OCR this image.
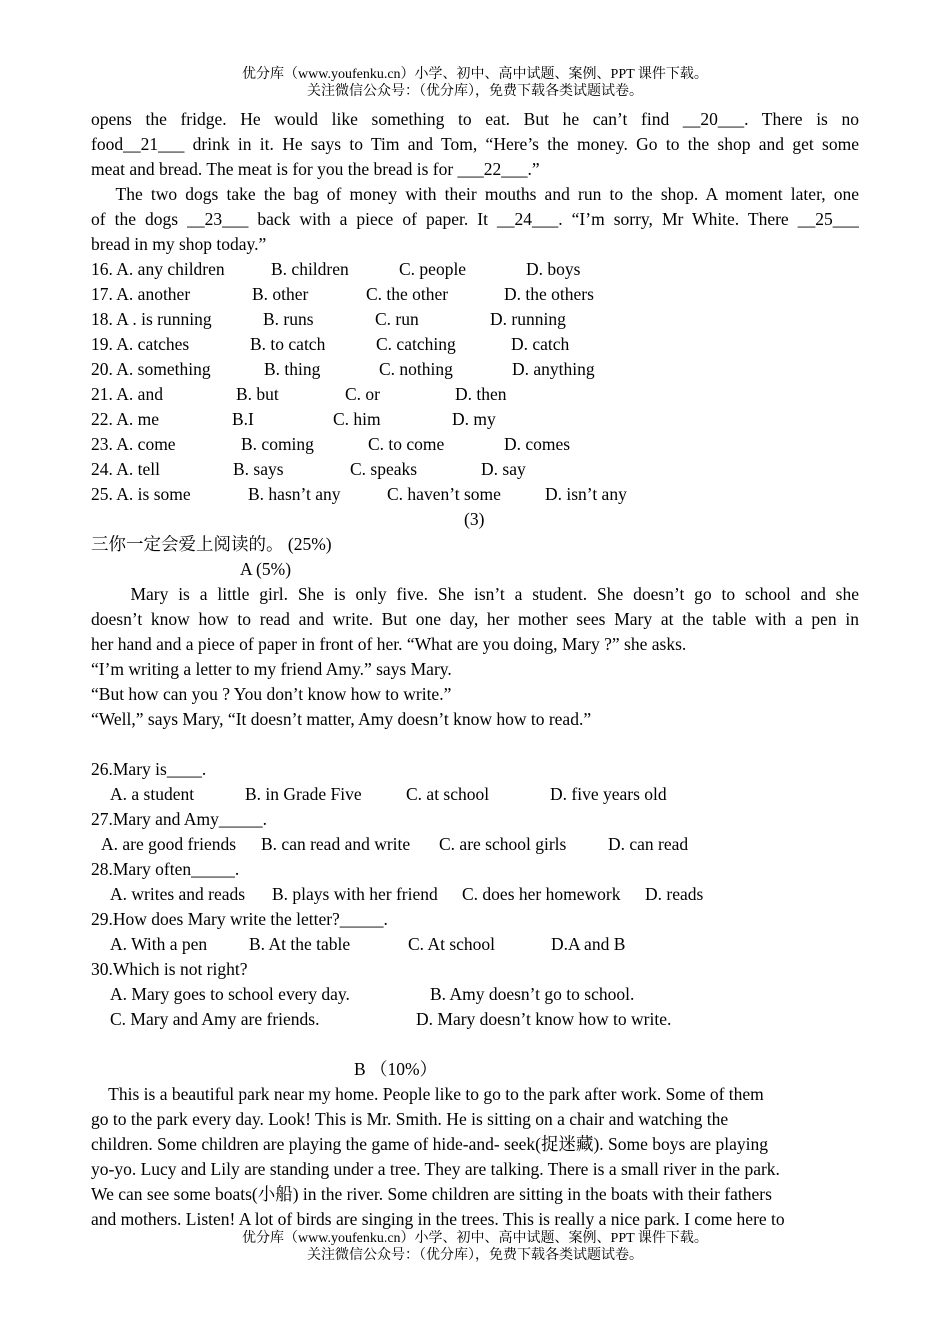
优分库（www.youfenku.cn）小学、初中、高中试题、案例、PPT 课件下载。
关注微信公众号：（优分库），免费下载各类试题试卷。
opens the fridge. He would like something to eat. But he can’t find __20___. There is no
food__21___ drink in it. He says to Tim and Tom, “Here’s the money. Go to the shop and get some
meat and bread. The meat is for you the bread is for ___22___.”
The two dogs take the bag of money with their mouths and run to the shop. A moment later, one
of the dogs __23___ back with a piece of paper. It __24___. “I’m sorry, Mr White. There __25___
bread in my shop today.”
16. A. any children	B. children	C. people	D. boys
17. A. another	B. other	C. the other	D. the others
18. A . is running	B. runs	C. run	D. running
19. A. catches	B. to catch	C. catching	D. catch
20. A. something	B. thing	C. nothing	D. anything
21. A. and	B. but	C. or	D. then
22. A. me	B.I	C. him	D. my
23. A. come	B. coming	C. to come	D. comes
24. A. tell	B. says	C. speaks	D. say
25. A. is some	B. hasn’t any	C. haven’t some	D. isn’t any
(3)
三你一定会爱上阅读的。 (25%)
A (5%)
Mary is a little girl. She is only five. She isn’t a student. She doesn’t go to school and she
doesn’t know how to read and write. But one day, her mother sees Mary at the table with a pen in
her hand and a piece of paper in front of her. “What are you doing, Mary ?” she asks.
“I’m writing a letter to my friend Amy.” says Mary.
“But how can you ? You don’t know how to write.”
“Well,” says Mary, “It doesn’t matter, Amy doesn’t know how to read.”
26.Mary is____.
A. a student	B. in Grade Five	C. at school	D. five years old
27.Mary and Amy_____.
A. are good friends B. can read and write C. are school girls D. can read
28.Mary often_____.
A. writes and reads B. plays with her friend C. does her homework D. reads
29.How does Mary write the letter?_____.
A. With a pen B. At the table	C. At school	D.A and B
30.Which is not right?
A. Mary goes to school every day.	B. Amy doesn’t go to school.
C. Mary and Amy are friends.	D. Mary doesn’t know how to write.
B （10%）
This is a beautiful park near my home. People like to go to the park after work. Some of them
go to the park every day. Look! This is Mr. Smith. He is sitting on a chair and watching the
children. Some children are playing the game of hide-and- seek(捉迷藏). Some boys are playing
yo-yo. Lucy and Lily are standing under a tree. They are talking. There is a small river in the park.
We can see some boats(小船) in the river. Some children are sitting in the boats with their fathers
and mothers. Listen! A lot of birds are singing in the trees. This is really a nice park. I come here to
优分库（www.youfenku.cn）小学、初中、高中试题、案例、PPT 课件下载。
关注微信公众号：（优分库），免费下载各类试题试卷。
